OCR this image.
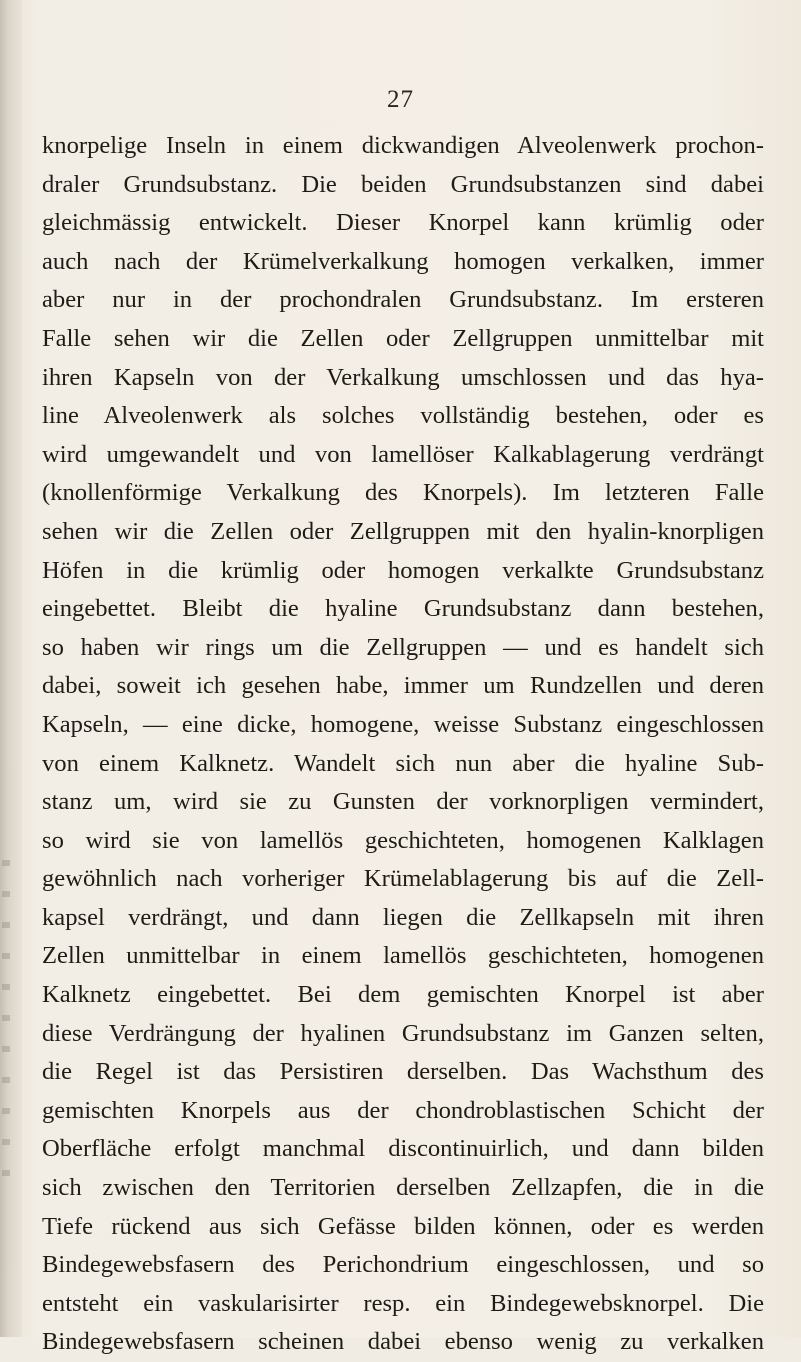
27
knorpelige Inseln in einem dickwandigen Alveolenwerk prochon-
draler Grundsubstanz. Die beiden Grundsubstanzen sind dabei
gleichmässig entwickelt. Dieser Knorpel kann krümlig oder
auch nach der Krümelverkalkung homogen verkalken, immer
aber nur in der prochondralen Grundsubstanz. Im ersteren
Falle sehen wir die Zellen oder Zellgruppen unmittelbar mit
ihren Kapseln von der Verkalkung umschlossen und das hya-
line Alveolenwerk als solches vollständig bestehen, oder es
wird umgewandelt und von lamellöser Kalkablagerung verdrängt
(knollenförmige Verkalkung des Knorpels). Im letzteren Falle
sehen wir die Zellen oder Zellgruppen mit den hyalin-knorpligen
Höfen in die krümlig oder homogen verkalkte Grundsubstanz
eingebettet. Bleibt die hyaline Grundsubstanz dann bestehen,
so haben wir rings um die Zellgruppen — und es handelt sich
dabei, soweit ich gesehen habe, immer um Rundzellen und deren
Kapseln, — eine dicke, homogene, weisse Substanz eingeschlossen
von einem Kalknetz. Wandelt sich nun aber die hyaline Sub-
stanz um, wird sie zu Gunsten der vorknorpligen vermindert,
so wird sie von lamellös geschichteten, homogenen Kalklagen
gewöhnlich nach vorheriger Krümelablagerung bis auf die Zell-
kapsel verdrängt, und dann liegen die Zellkapseln mit ihren
Zellen unmittelbar in einem lamellös geschichteten, homogenen
Kalknetz eingebettet. Bei dem gemischten Knorpel ist aber
diese Verdrängung der hyalinen Grundsubstanz im Ganzen selten,
die Regel ist das Persistiren derselben. Das Wachsthum des
gemischten Knorpels aus der chondroblastischen Schicht der
Oberfläche erfolgt manchmal discontinuirlich, und dann bilden
sich zwischen den Territorien derselben Zellzapfen, die in die
Tiefe rückend aus sich Gefässe bilden können, oder es werden
Bindegewebsfasern des Perichondrium eingeschlossen, und so
entsteht ein vaskularisirter resp. ein Bindegewebsknorpel. Die
Bindegewebsfasern scheinen dabei ebenso wenig zu verkalken
